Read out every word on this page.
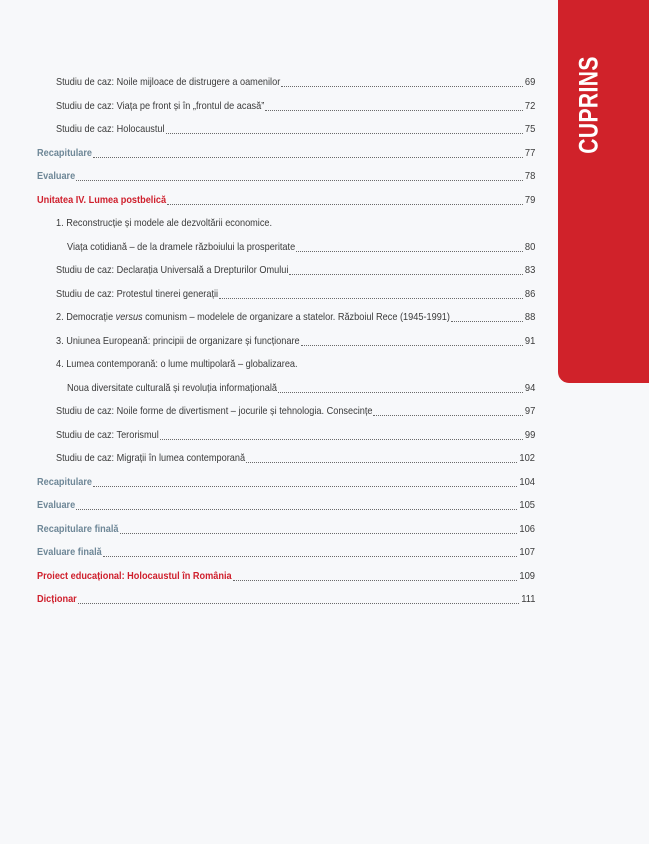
CUPRINS
Studiu de caz: Noile mijloace de distrugere a oamenilor	69
Studiu de caz: Viața pe front și în „frontul de acasă”	72
Studiu de caz: Holocaustul	75
Recapitulare	77
Evaluare	78
Unitatea IV. Lumea postbelică	79
1. Reconstrucție și modele ale dezvoltării economice.
Viața cotidiană – de la dramele războiului la prosperitate	80
Studiu de caz: Declarația Universală a Drepturilor Omului	83
Studiu de caz: Protestul tinerei generații	86
2. Democrație versus comunism – modelele de organizare a statelor. Războiul Rece (1945-1991)	88
3. Uniunea Europeană: principii de organizare și funcționare	91
4. Lumea contemporană: o lume multipolară – globalizarea.
Noua diversitate culturală și revoluția informațională	94
Studiu de caz: Noile forme de divertisment – jocurile și tehnologia. Consecințe	97
Studiu de caz: Terorismul	99
Studiu de caz: Migrații în lumea contemporană	102
Recapitulare	104
Evaluare	105
Recapitulare finală	106
Evaluare finală	107
Proiect educațional: Holocaustul în România	109
Dicționar	111
